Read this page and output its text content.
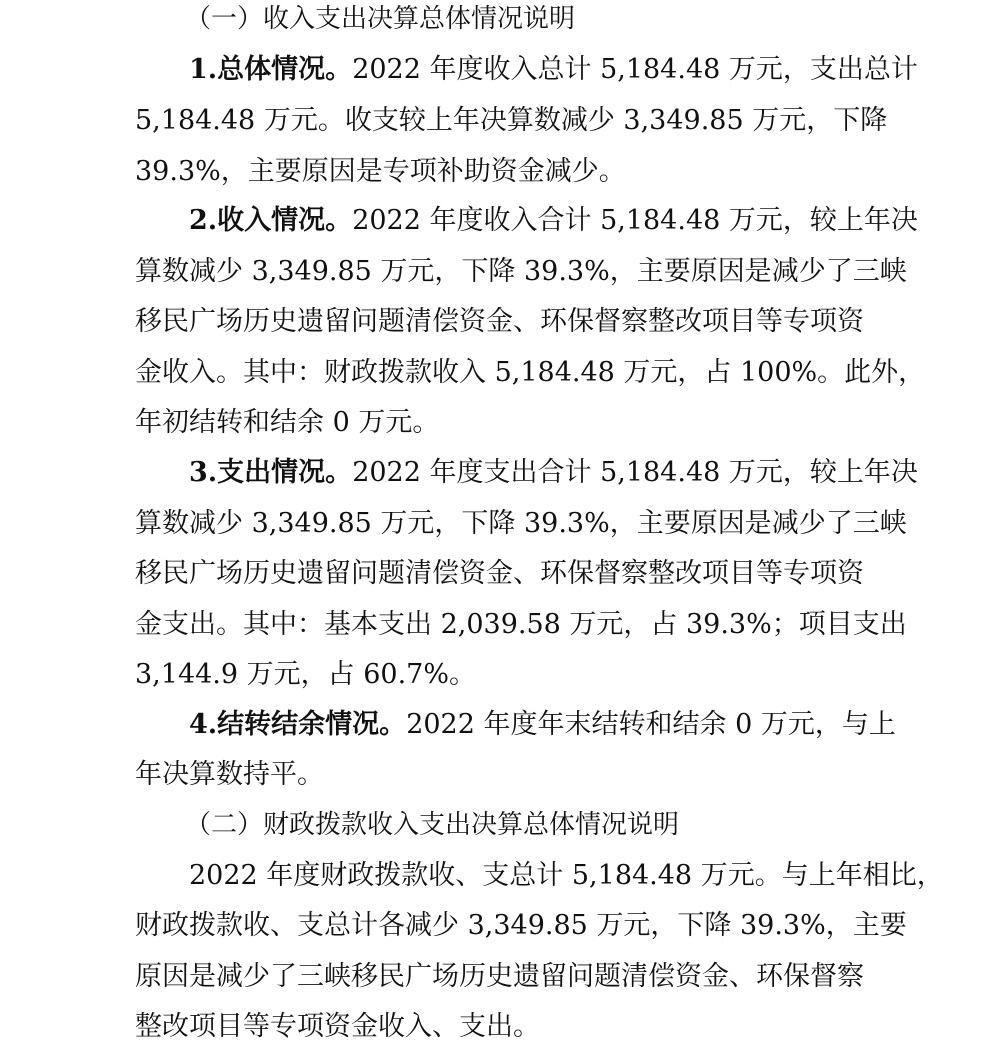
（一）收入支出决算总体情况说明
1.总体情况。2022 年度收入总计 5,184.48 万元，支出总计
5,184.48 万元。收支较上年决算数减少 3,349.85 万元，下降
39.3%，主要原因是专项补助资金减少。
2.收入情况。2022 年度收入合计 5,184.48 万元，较上年决
算数减少 3,349.85 万元，下降 39.3%，主要原因是减少了三峡
移民广场历史遗留问题清偿资金、环保督察整改项目等专项资
金收入。其中：财政拨款收入 5,184.48 万元，占 100%。此外，
年初结转和结余 0 万元。
3.支出情况。2022 年度支出合计 5,184.48 万元，较上年决
算数减少 3,349.85 万元，下降 39.3%，主要原因是减少了三峡
移民广场历史遗留问题清偿资金、环保督察整改项目等专项资
金支出。其中：基本支出 2,039.58 万元，占 39.3%；项目支出
3,144.9 万元，占 60.7%。
4.结转结余情况。2022 年度年末结转和结余 0 万元，与上
年决算数持平。
（二）财政拨款收入支出决算总体情况说明
2022 年度财政拨款收、支总计 5,184.48 万元。与上年相比，
财政拨款收、支总计各减少 3,349.85 万元，下降 39.3%，主要
原因是减少了三峡移民广场历史遗留问题清偿资金、环保督察
整改项目等专项资金收入、支出。
